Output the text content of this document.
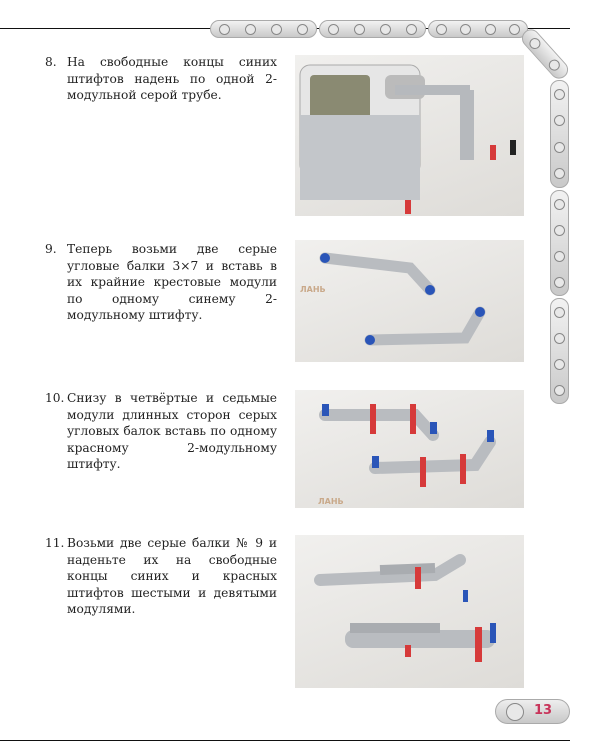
8. На свободные концы синих штифтов надень по одной 2-модульной серой трубе.
9. Теперь возьми две серые угловые балки 3×7 и вставь в их крайние крестовые модули по одному синему 2-модульному штифту.
10. Снизу в четвёртые и седьмые модули длинных сторон серых угловых балок вставь по одному красному 2-модульному штифту.
11. Возьми две серые балки № 9 и наденьте их на свободные концы синих и красных штифтов шестыми и девятыми модулями.
ЛАНЬ
ЛАНЬ
13
